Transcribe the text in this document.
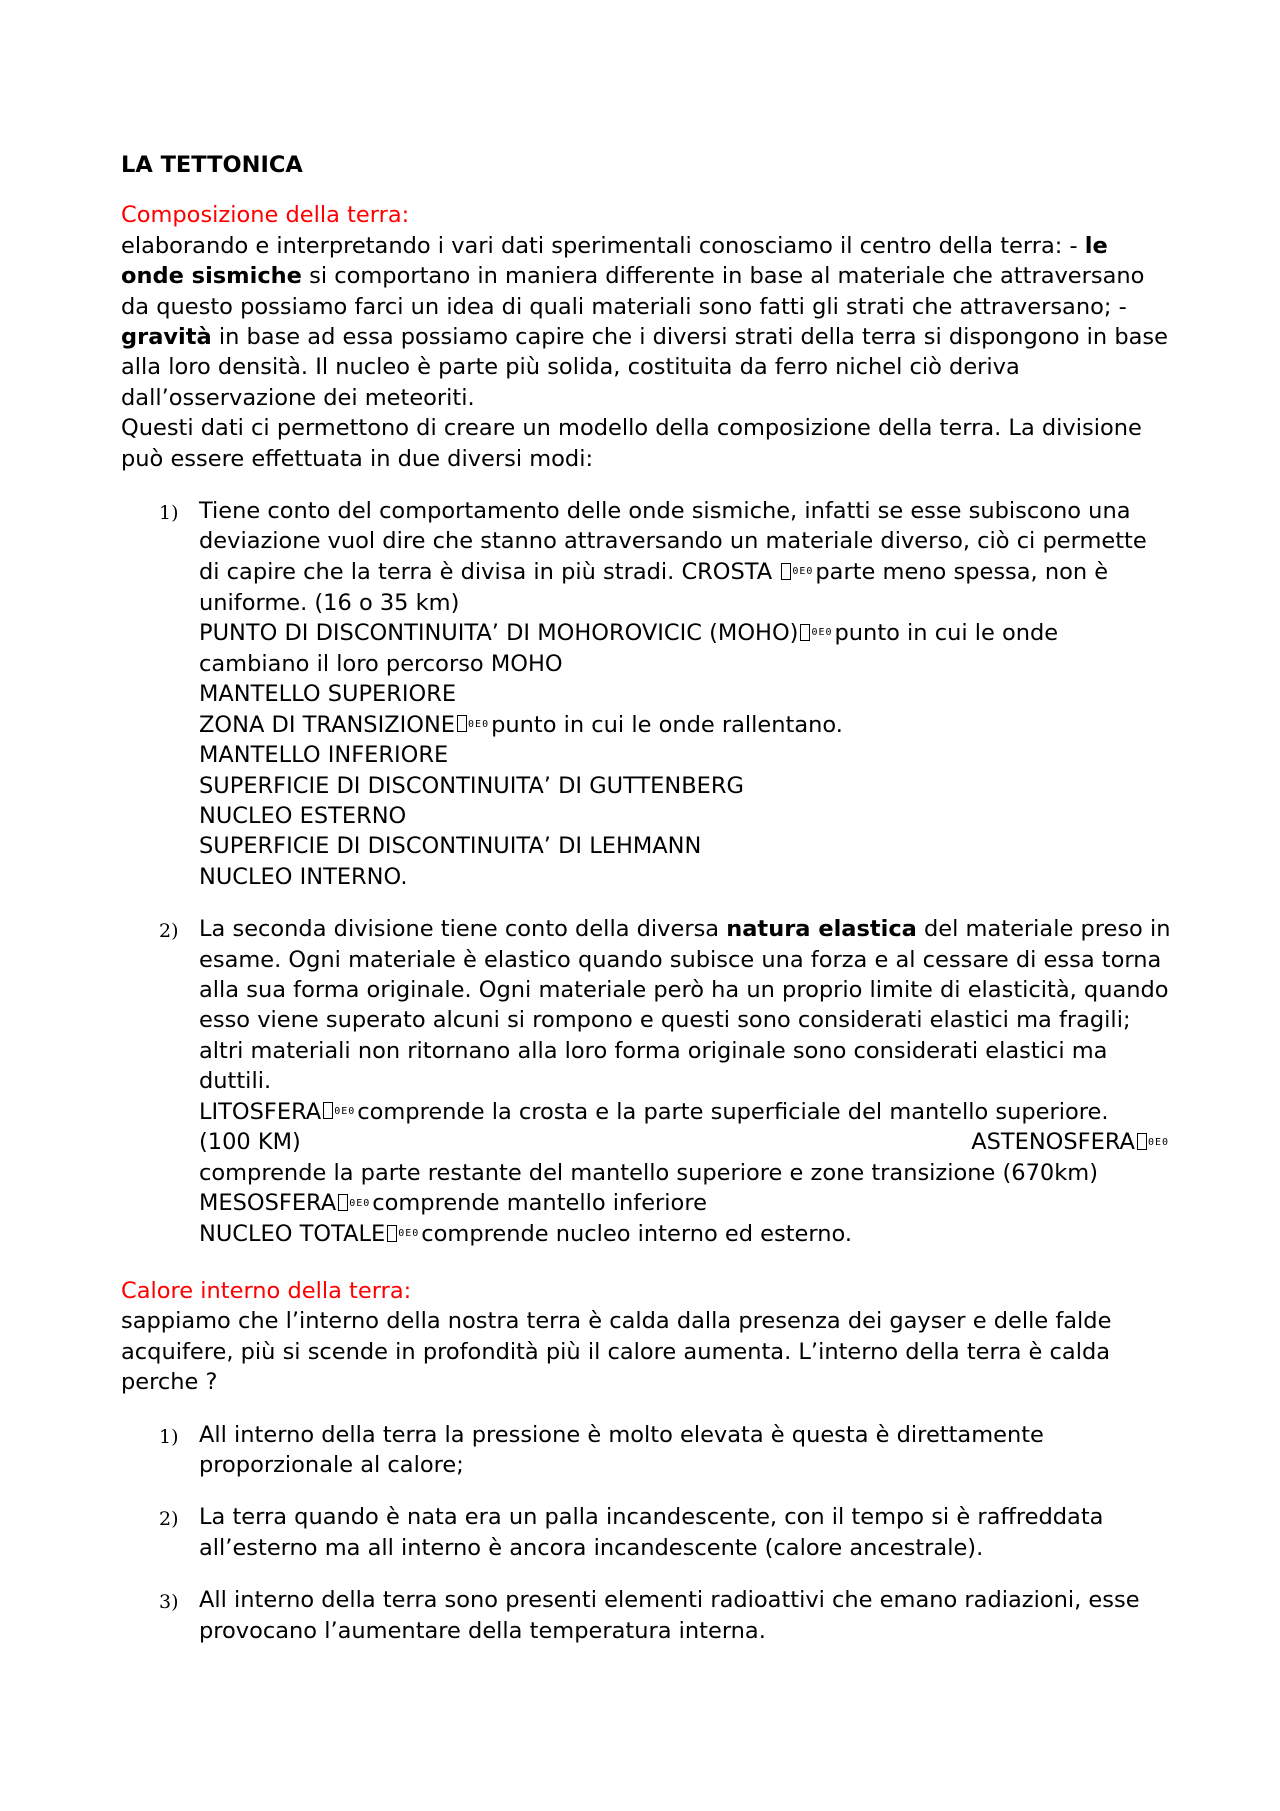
LA TETTONICA

Composizione della terra:

elaborando e interpretando i vari dati sperimentali conosciamo il centro della terra: - le onde sismiche si comportano in maniera differente in base al materiale che attraversano da questo possiamo farci un idea di quali materiali sono fatti gli strati che attraversano; - gravità in base ad essa possiamo capire che i diversi strati della terra si dispongono in base alla loro densità. Il nucleo è parte più solida, costituita da ferro nichel ciò deriva dall’osservazione dei meteoriti.

Questi dati ci permettono di creare un modello della composizione della terra. La divisione può essere effettuata in due diversi modi:

1) Tiene conto del comportamento delle onde sismiche, infatti se esse subiscono una deviazione vuol dire che stanno attraversando un materiale diverso, ciò ci permette di capire che la terra è divisa in più stradi. CROSTA 0E0parte meno spessa, non è uniforme. (16 o 35 km)
PUNTO DI DISCONTINUITA’ DI MOHOROVICIC (MOHO) 0E0punto in cui le onde cambiano il loro percorso MOHO
MANTELLO SUPERIORE
ZONA DI TRANSIZIONE 0E0punto in cui le onde rallentano.
MANTELLO INFERIORE
SUPERFICIE DI DISCONTINUITA’ DI GUTTENBERG
NUCLEO ESTERNO
SUPERFICIE DI DISCONTINUITA’ DI LEHMANN
NUCLEO INTERNO.
2) La seconda divisione tiene conto della diversa natura elastica del materiale preso in esame. Ogni materiale è elastico quando subisce una forza e al cessare di essa torna alla sua forma originale. Ogni materiale però ha un proprio limite di elasticità, quando esso viene superato alcuni si rompono e questi sono considerati elastici ma fragili; altri materiali non ritornano alla loro forma originale sono considerati elastici ma duttili.
LITOSFERA 0E0comprende la crosta e la parte superficiale del mantello superiore.
(100 KM)	ASTENOSFERA 0E0
comprende la parte restante del mantello superiore e zone transizione (670km)
MESOSFERA 0E0comprende mantello inferiore
NUCLEO TOTALE 0E0comprende nucleo interno ed esterno.

Calore interno della terra:

sappiamo che l’interno della nostra terra è calda dalla presenza dei gayser e delle falde acquifere, più si scende in profondità più il calore aumenta. L’interno della terra è calda perche ?

1) All interno della terra la pressione è molto elevata è questa è direttamente proporzionale al calore;
2) La terra quando è nata era un palla incandescente, con il tempo si è raffreddata all’esterno ma all interno è ancora incandescente (calore ancestrale).
3) All interno della terra sono presenti elementi radioattivi che emano radiazioni, esse provocano l’aumentare della temperatura interna.
